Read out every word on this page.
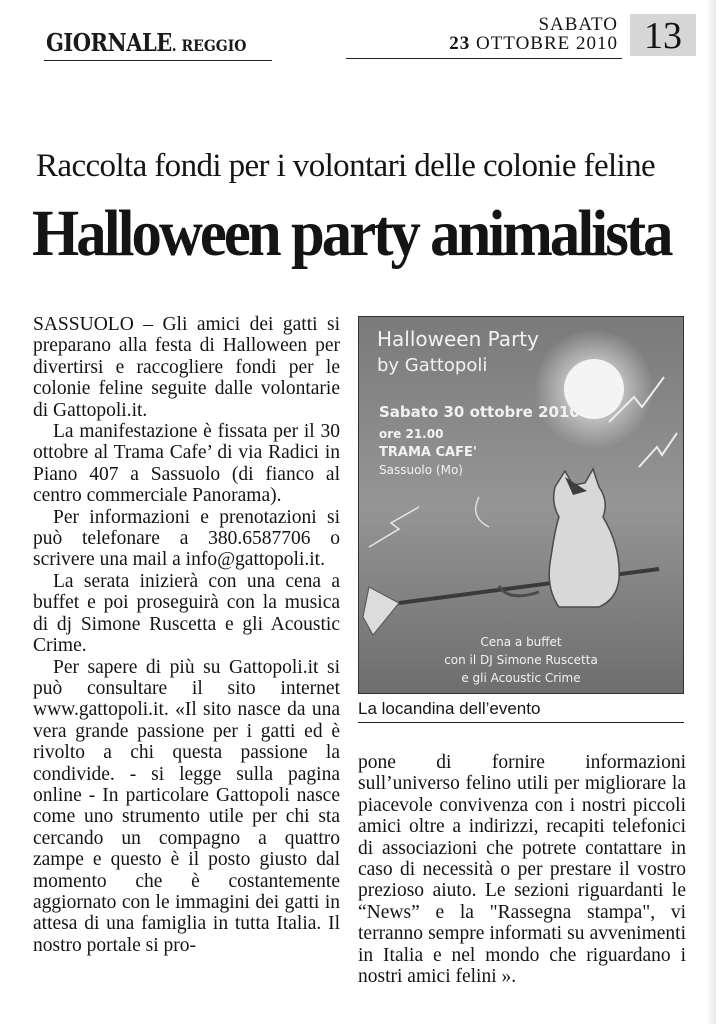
GIORNALE. REGGIO
SABATO
23 OTTOBRE 2010 13
Raccolta fondi per i volontari delle colonie feline
Halloween party animalista

SASSUOLO – Gli amici dei gatti si preparano alla festa di Halloween per divertirsi e raccogliere fondi per le colonie feline seguite dalle volontarie di Gattopoli.it.

La manifestazione è fissata per il 30 ottobre al Trama Cafe’ di via Radici in Piano 407 a Sassuolo (di fianco al centro commerciale Panorama).

Per informazioni e prenotazioni si può telefonare a 380.6587706 o scrivere una mail a info@gattopoli.it.

La serata inizierà con una cena a buffet e poi proseguirà con la musica di dj Simone Ruscetta e gli Acoustic Crime.

Per sapere di più su Gattopoli.it si può consultare il sito internet www.gattopoli.it. «Il sito nasce da una vera grande passione per i gatti ed è rivolto a chi questa passione la condivide. - si legge sulla pagina online - In particolare Gattopoli nasce come uno strumento utile per chi sta cercando un compagno a quattro zampe e questo è il posto giusto dal momento che è costantemente aggiornato con le immagini dei gatti in attesa di una famiglia in tutta Italia. Il nostro portale si pro-

Halloween Party
by Gattopoli
Sabato 30 ottobre 2010
ore 21.00
TRAMA CAFE'
Sassuolo (Mo)
Cena a buffet
con il DJ Simone Ruscetta
e gli Acoustic Crime
La locandina dell’evento

pone di fornire informazioni sull’universo felino utili per migliorare la piacevole convivenza con i nostri piccoli amici oltre a indirizzi, recapiti telefonici di associazioni che potrete contattare in caso di necessità o per prestare il vostro prezioso aiuto. Le sezioni riguardanti le “News” e la "Rassegna stampa", vi terranno sempre informati su avvenimenti in Italia e nel mondo che riguardano i nostri amici felini ».
